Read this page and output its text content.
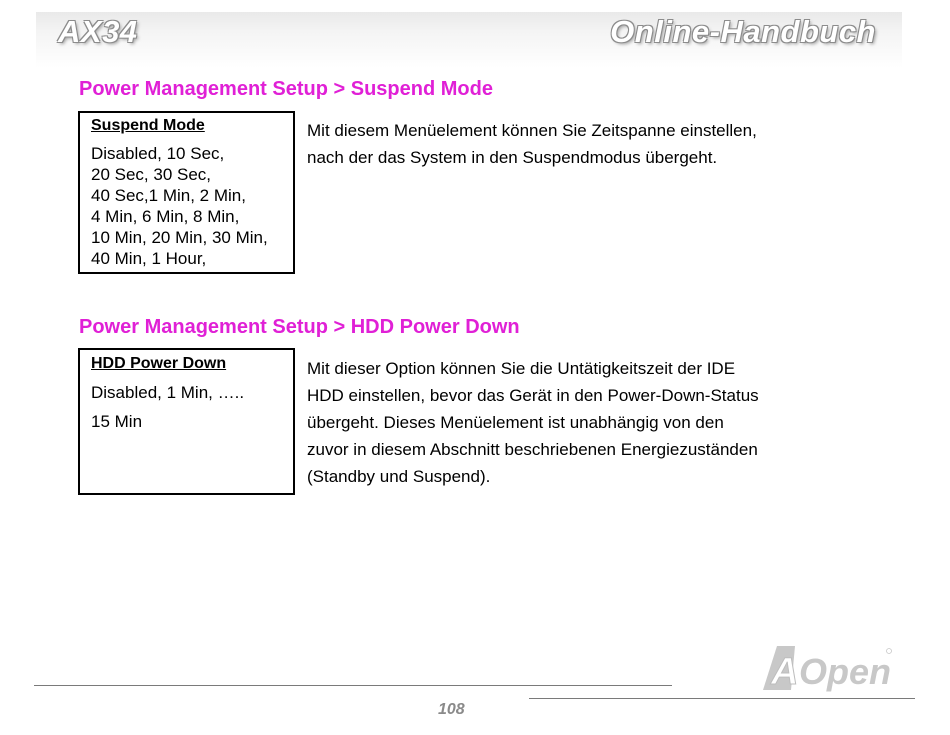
AX34	Online-Handbuch
Power Management Setup > Suspend Mode
Suspend Mode
Disabled, 10 Sec,
20 Sec, 30 Sec,
40 Sec,1 Min, 2 Min,
4 Min, 6 Min, 8 Min,
10 Min, 20 Min, 30 Min,
40 Min, 1 Hour,
Mit diesem Menüelement können Sie Zeitspanne einstellen,
nach der das System in den Suspendmodus übergeht.
Power Management Setup > HDD Power Down
HDD Power Down
Disabled, 1 Min, …..
15 Min
Mit dieser Option können Sie die Untätigkeitszeit der IDE
HDD einstellen, bevor das Gerät in den Power-Down-Status
übergeht. Dieses Menüelement ist unabhängig von den
zuvor in diesem Abschnitt beschriebenen Energiezuständen
(Standby und Suspend).
A Open
108
